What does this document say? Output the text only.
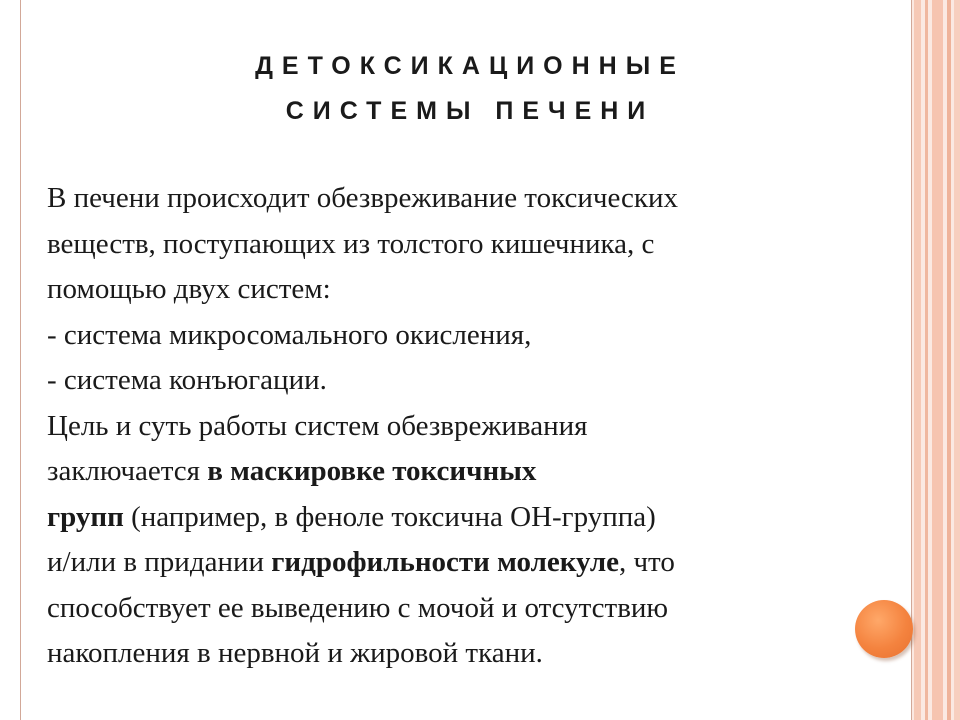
ДЕТОКСИКАЦИОННЫЕ
СИСТЕМЫ ПЕЧЕНИ
В печени происходит обезвреживание токсических
веществ, поступающих из толстого кишечника, с
помощью двух систем:
- система микросомального окисления,
- система конъюгации.
Цель и суть работы систем обезвреживания
заключается в маскировке токсичных
групп (например, в феноле токсична ОН-группа)
и/или в придании гидрофильности молекуле, что
способствует ее выведению с мочой и отсутствию
накопления в нервной и жировой ткани.
